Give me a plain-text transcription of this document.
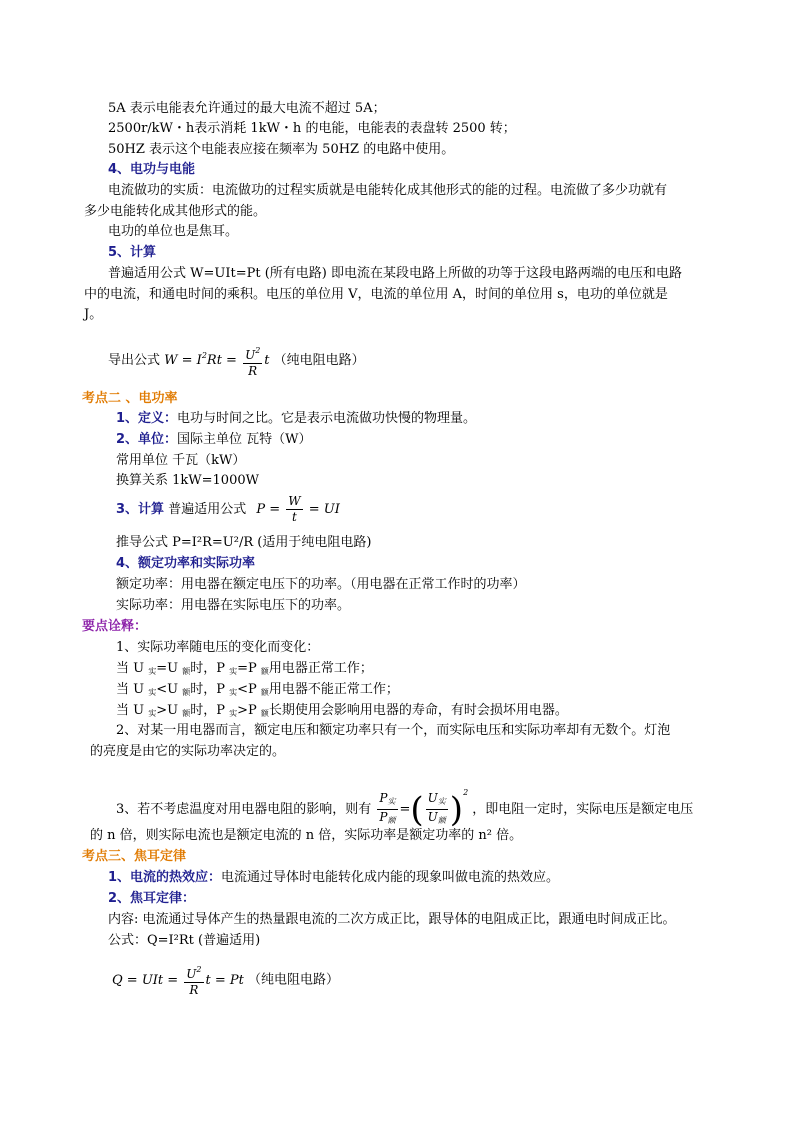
5A 表示电能表允许通过的最大电流不超过 5A；
2500r/kW・h表示消耗 1kW・h 的电能，电能表的表盘转 2500 转；
50HZ 表示这个电能表应接在频率为 50HZ 的电路中使用。
4、电功与电能
电流做功的实质：电流做功的过程实质就是电能转化成其他形式的能的过程。电流做了多少功就有
多少电能转化成其他形式的能。
电功的单位也是焦耳。
5、计算
普遍适用公式 W=UIt=Pt (所有电路) 即电流在某段电路上所做的功等于这段电路两端的电压和电路
中的电流，和通电时间的乘积。电压的单位用 V，电流的单位用 A，时间的单位用 s，电功的单位就是
J。
导出公式 $W = I^2Rt = \frac{U^2}{R}$ t （纯电阻电路）
考点二 、电功率
1、定义：电功与时间之比。它是表示电流做功快慢的物理量。
2、单位：国际主单位 瓦特（W）
常用单位 千瓦（kW）
换算关系 1kW=1000W
3、计算 普遍适用公式 $P = \frac{W}{t}$ = UI
推导公式 P=I²R=U²/R (适用于纯电阻电路)
4、额定功率和实际功率
额定功率：用电器在额定电压下的功率。（用电器在正常工作时的功率）
实际功率：用电器在实际电压下的功率。
要点诠释：
1、实际功率随电压的变化而变化：
当 U $_实$=U $_额$时，P $_实$=P $_额$用电器正常工作；
当 U $_实$<U $_额$时，P $_实$<P $_额$用电器不能正常工作；
当 U $_实$>U $_额$时，P $_实$>P $_额$长期使用会影响用电器的寿命，有时会损坏用电器。
2、对某一用电器而言，额定电压和额定功率只有一个，而实际电压和实际功率却有无数个。灯泡
的亮度是由它的实际功率决定的。
3、若不考虑温度对用电器电阻的影响，则有 $\frac{P_实}{P_额}$ =( $\frac{U_实}{U_额} )^2$ ，即电阻一定时，实际电压是额定电压
的 n 倍，则实际电流也是额定电流的 n 倍，实际功率是额定功率的 n² 倍。
考点三、焦耳定律
1、电流的热效应：电流通过导体时电能转化成内能的现象叫做电流的热效应。
2、焦耳定律：
内容: 电流通过导体产生的热量跟电流的二次方成正比，跟导体的电阻成正比，跟通电时间成正比。
公式：Q=I²Rt (普遍适用)
Q = UIt = $\frac{U^2}{R}$ t = Pt （纯电阻电路）
